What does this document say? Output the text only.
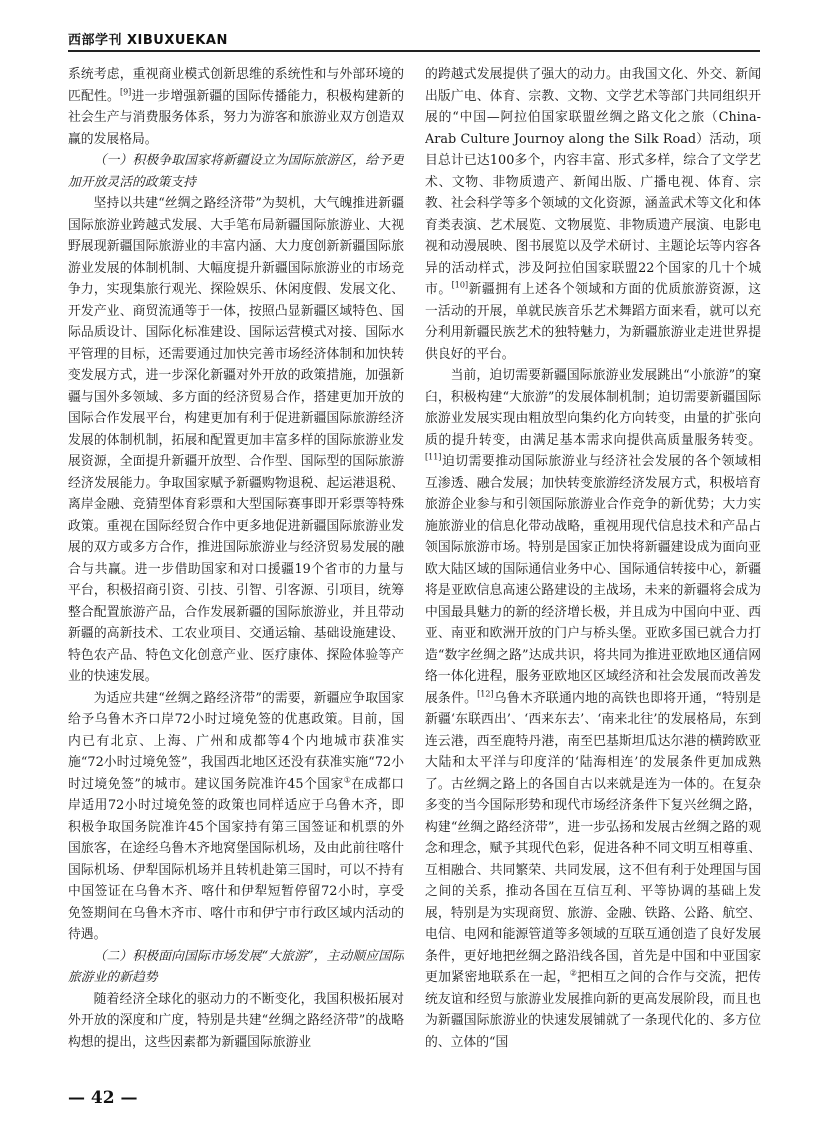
西部学刊 XIBUXUEKAN

系统考虑，重视商业模式创新思维的系统性和与外部环境的匹配性。[9]进一步增强新疆的国际传播能力，积极构建新的社会生产与消费服务体系，努力为游客和旅游业双方创造双赢的发展格局。

（一）积极争取国家将新疆设立为国际旅游区，给予更加开放灵活的政策支持

坚持以共建“丝绸之路经济带”为契机，大气魄推进新疆国际旅游业跨越式发展、大手笔布局新疆国际旅游业、大视野展现新疆国际旅游业的丰富内涵、大力度创新新疆国际旅游业发展的体制机制、大幅度提升新疆国际旅游业的市场竞争力，实现集旅行观光、探险娱乐、休闲度假、发展文化、开发产业、商贸流通等于一体，按照凸显新疆区域特色、国际品质设计、国际化标准建设、国际运营模式对接、国际水平管理的目标，还需要通过加快完善市场经济体制和加快转变发展方式，进一步深化新疆对外开放的政策措施，加强新疆与国外多领域、多方面的经济贸易合作，搭建更加开放的国际合作发展平台，构建更加有利于促进新疆国际旅游经济发展的体制机制，拓展和配置更加丰富多样的国际旅游业发展资源，全面提升新疆开放型、合作型、国际型的国际旅游经济发展能力。争取国家赋予新疆购物退税、起运港退税、离岸金融、竞猜型体育彩票和大型国际赛事即开彩票等特殊政策。重视在国际经贸合作中更多地促进新疆国际旅游业发展的双方或多方合作，推进国际旅游业与经济贸易发展的融合与共赢。进一步借助国家和对口援疆19个省市的力量与平台，积极招商引资、引技、引智、引客源、引项目，统筹整合配置旅游产品，合作发展新疆的国际旅游业，并且带动新疆的高新技术、工农业项目、交通运输、基础设施建设、特色农产品、特色文化创意产业、医疗康体、探险体验等产业的快速发展。

为适应共建“丝绸之路经济带”的需要，新疆应争取国家给予乌鲁木齐口岸72小时过境免签的优惠政策。目前，国内已有北京、上海、广州和成都等4个内地城市获准实施“72小时过境免签”，我国西北地区还没有获准实施“72小时过境免签”的城市。建议国务院准许45个国家①在成都口岸适用72小时过境免签的政策也同样适应于乌鲁木齐，即积极争取国务院准许45个国家持有第三国签证和机票的外国旅客，在途经乌鲁木齐地窝堡国际机场，及由此前往喀什国际机场、伊犁国际机场并且转机赴第三国时，可以不持有中国签证在乌鲁木齐、喀什和伊犁短暂停留72小时，享受免签期间在乌鲁木齐市、喀什市和伊宁市行政区域内活动的待遇。

（二）积极面向国际市场发展“大旅游”，主动顺应国际旅游业的新趋势

随着经济全球化的驱动力的不断变化，我国积极拓展对外开放的深度和广度，特别是共建“丝绸之路经济带”的战略构想的提出，这些因素都为新疆国际旅游业

的跨越式发展提供了强大的动力。由我国文化、外交、新闻出版广电、体育、宗教、文物、文学艺术等部门共同组织开展的“中国—阿拉伯国家联盟丝绸之路文化之旅（China-Arab Culture Journoy along the Silk Road）活动，项目总计已达100多个，内容丰富、形式多样，综合了文学艺术、文物、非物质遗产、新闻出版、广播电视、体育、宗教、社会科学等多个领域的文化资源，涵盖武术等文化和体育类表演、艺术展览、文物展览、非物质遗产展演、电影电视和动漫展映、图书展览以及学术研讨、主题论坛等内容各异的活动样式，涉及阿拉伯国家联盟22个国家的几十个城市。[10]新疆拥有上述各个领域和方面的优质旅游资源，这一活动的开展，单就民族音乐艺术舞蹈方面来看，就可以充分利用新疆民族艺术的独特魅力，为新疆旅游业走进世界提供良好的平台。

当前，迫切需要新疆国际旅游业发展跳出“小旅游”的窠臼，积极构建“大旅游”的发展体制机制；迫切需要新疆国际旅游业发展实现由粗放型向集约化方向转变，由量的扩张向质的提升转变，由满足基本需求向提供高质量服务转变。[11]迫切需要推动国际旅游业与经济社会发展的各个领域相互渗透、融合发展；加快转变旅游经济发展方式，积极培育旅游企业参与和引领国际旅游业合作竞争的新优势；大力实施旅游业的信息化带动战略，重视用现代信息技术和产品占领国际旅游市场。特别是国家正加快将新疆建设成为面向亚欧大陆区域的国际通信业务中心、国际通信转接中心，新疆将是亚欧信息高速公路建设的主战场，未来的新疆将会成为中国最具魅力的新的经济增长极，并且成为中国向中亚、西亚、南亚和欧洲开放的门户与桥头堡。亚欧多国已就合力打造“数字丝绸之路”达成共识，将共同为推进亚欧地区通信网络一体化进程，服务亚欧地区区域经济和社会发展而改善发展条件。[12]乌鲁木齐联通内地的高铁也即将开通，“特别是新疆‘东联西出’、‘西来东去’、‘南来北往’的发展格局，东到连云港，西至鹿特丹港，南至巴基斯坦瓜达尔港的横跨欧亚大陆和太平洋与印度洋的‘陆海相连’的发展条件更加成熟了。古丝绸之路上的各国自古以来就是连为一体的。在复杂多变的当今国际形势和现代市场经济条件下复兴丝绸之路，构建“丝绸之路经济带”，进一步弘扬和发展古丝绸之路的观念和理念，赋予其现代色彩，促进各种不同文明互相尊重、互相融合、共同繁荣、共同发展，这不但有利于处理国与国之间的关系，推动各国在互信互利、平等协调的基础上发展，特别是为实现商贸、旅游、金融、铁路、公路、航空、电信、电网和能源管道等多领域的互联互通创造了良好发展条件，更好地把丝绸之路沿线各国，首先是中国和中亚国家更加紧密地联系在一起，②把相互之间的合作与交流，把传统友谊和经贸与旅游业发展推向新的更高发展阶段，而且也为新疆国际旅游业的快速发展铺就了一条现代化的、多方位的、立体的“国

— 42 —
